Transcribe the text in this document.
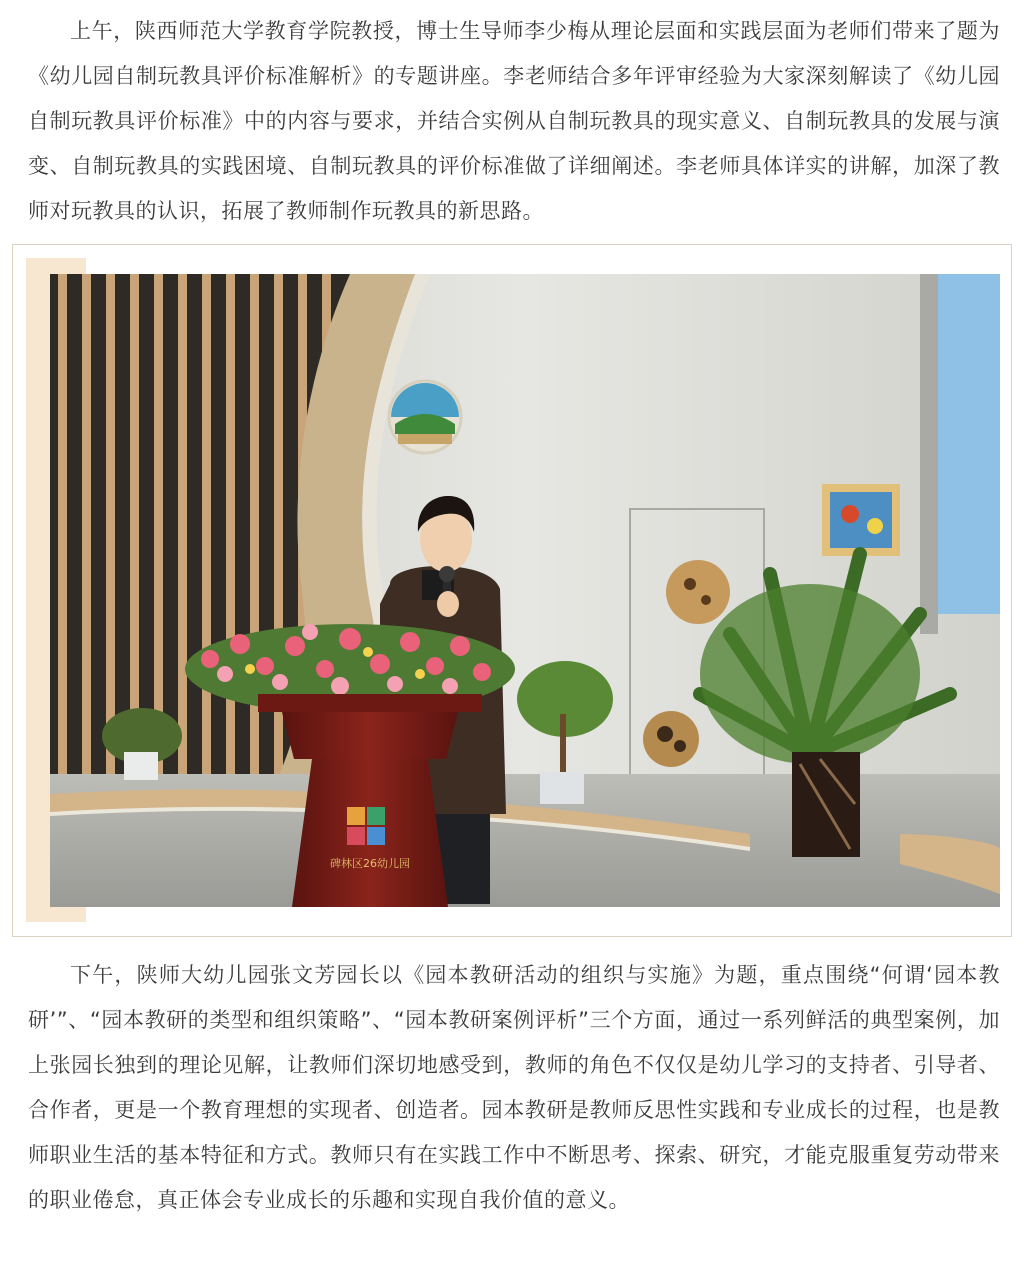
上午，陕西师范大学教育学院教授，博士生导师李少梅从理论层面和实践层面为老师们带来了题为《幼儿园自制玩教具评价标准解析》的专题讲座。李老师结合多年评审经验为大家深刻解读了《幼儿园自制玩教具评价标准》中的内容与要求，并结合实例从自制玩教具的现实意义、自制玩教具的发展与演变、自制玩教具的实践困境、自制玩教具的评价标准做了详细阐述。李老师具体详实的讲解，加深了教师对玩教具的认识，拓展了教师制作玩教具的新思路。

碑林区26幼儿园

下午，陕师大幼儿园张文芳园长以《园本教研活动的组织与实施》为题，重点围绕“何谓‘园本教研’”、“园本教研的类型和组织策略”、“园本教研案例评析”三个方面，通过一系列鲜活的典型案例，加上张园长独到的理论见解，让教师们深切地感受到，教师的角色不仅仅是幼儿学习的支持者、引导者、合作者，更是一个教育理想的实现者、创造者。园本教研是教师反思性实践和专业成长的过程，也是教师职业生活的基本特征和方式。教师只有在实践工作中不断思考、探索、研究，才能克服重复劳动带来的职业倦怠，真正体会专业成长的乐趣和实现自我价值的意义。
